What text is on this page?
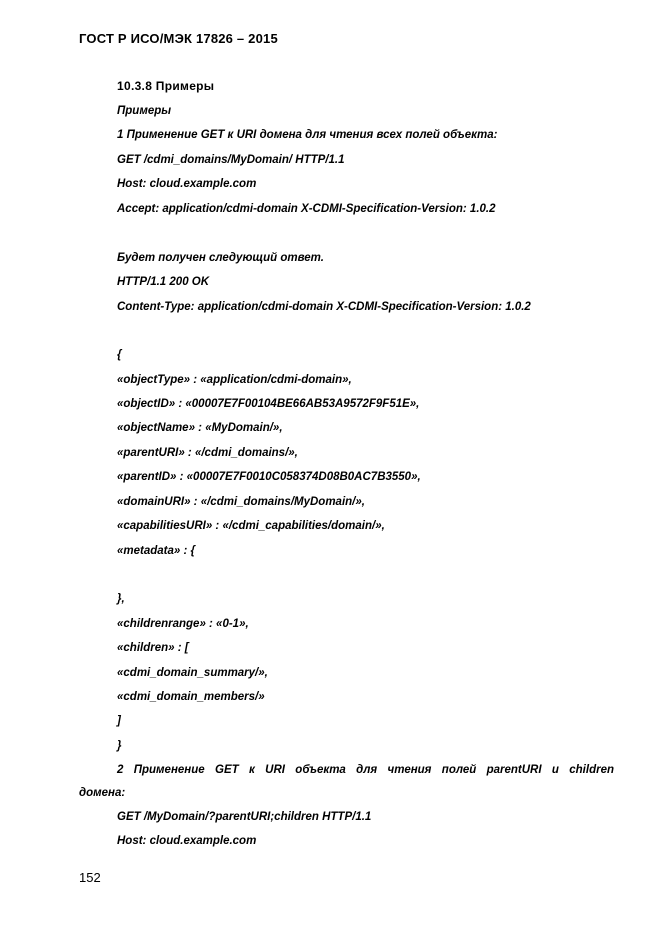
ГОСТ Р ИСО/МЭК 17826 – 2015
10.3.8 Примеры
Примеры
1 Применение GET к URI домена для чтения всех полей объекта:
GET /cdmi_domains/MyDomain/ HTTP/1.1
Host: cloud.example.com
Accept: application/cdmi-domain X-CDMI-Specification-Version: 1.0.2
Будет получен следующий ответ.
HTTP/1.1 200 OK
Content-Type: application/cdmi-domain X-CDMI-Specification-Version: 1.0.2
{
«objectType» : «application/cdmi-domain»,
«objectID» : «00007E7F00104BE66AB53A9572F9F51E»,
«objectName» : «MyDomain/»,
«parentURI» : «/cdmi_domains/»,
«parentID» : «00007E7F0010C058374D08B0AC7B3550»,
«domainURI» : «/cdmi_domains/MyDomain/»,
«capabilitiesURI» : «/cdmi_capabilities/domain/»,
«metadata» : {
},
«childrenrange» : «0-1»,
«children» : [
«cdmi_domain_summary/»,
«cdmi_domain_members/»
]
}
2 Применение GET к URI объекта для чтения полей parentURI и children
домена:
GET /MyDomain/?parentURI;children HTTP/1.1
Host: cloud.example.com
152
